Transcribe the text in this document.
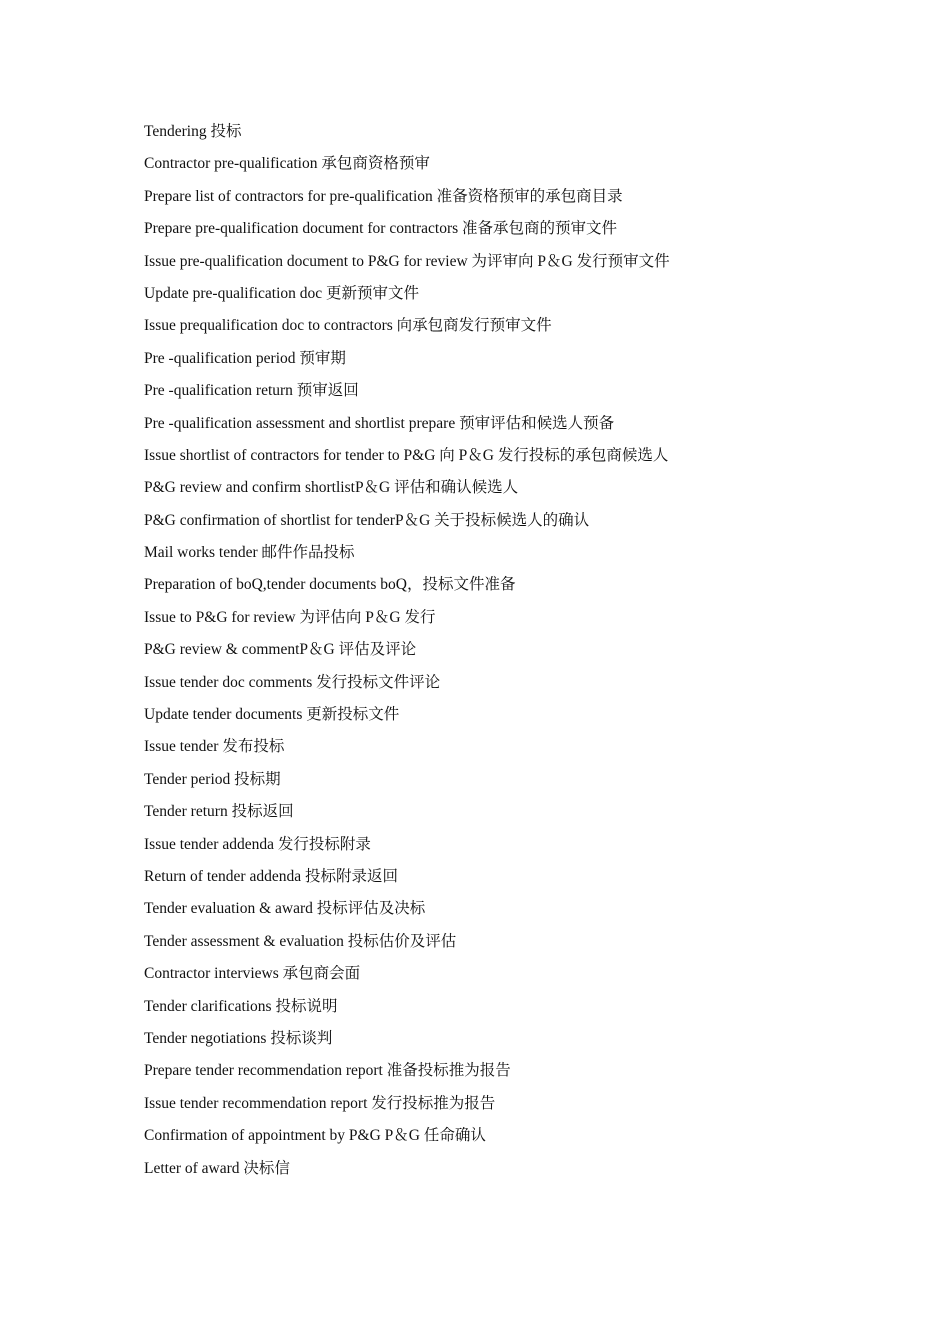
Tendering 投标
Contractor pre-qualification 承包商资格预审
Prepare list of contractors for pre-qualification 准备资格预审的承包商目录
Prepare pre-qualification document for contractors 准备承包商的预审文件
Issue pre-qualification document to P&G for review 为评审向 P＆G 发行预审文件
Update pre-qualification doc 更新预审文件
Issue prequalification doc to contractors 向承包商发行预审文件
Pre -qualification period 预审期
Pre -qualification return 预审返回
Pre -qualification assessment and shortlist prepare 预审评估和候选人预备
Issue shortlist of contractors for tender to P&G 向 P＆G 发行投标的承包商候选人
P&G review and confirm shortlistP＆G 评估和确认候选人
P&G confirmation of shortlist for tenderP＆G 关于投标候选人的确认
Mail works tender 邮件作品投标
Preparation of boQ,tender documents boQ，投标文件准备
Issue to P&G for review 为评估向 P＆G 发行
P&G review & commentP＆G 评估及评论
Issue tender doc comments 发行投标文件评论
Update tender documents 更新投标文件
Issue tender 发布投标
Tender period 投标期
Tender return 投标返回
Issue tender addenda 发行投标附录
Return of tender addenda 投标附录返回
Tender evaluation & award 投标评估及决标
Tender assessment & evaluation 投标估价及评估
Contractor interviews 承包商会面
Tender clarifications 投标说明
Tender negotiations 投标谈判
Prepare tender recommendation report 准备投标推为报告
Issue tender recommendation report 发行投标推为报告
Confirmation of appointment by P&G P＆G 任命确认
Letter of award 决标信
